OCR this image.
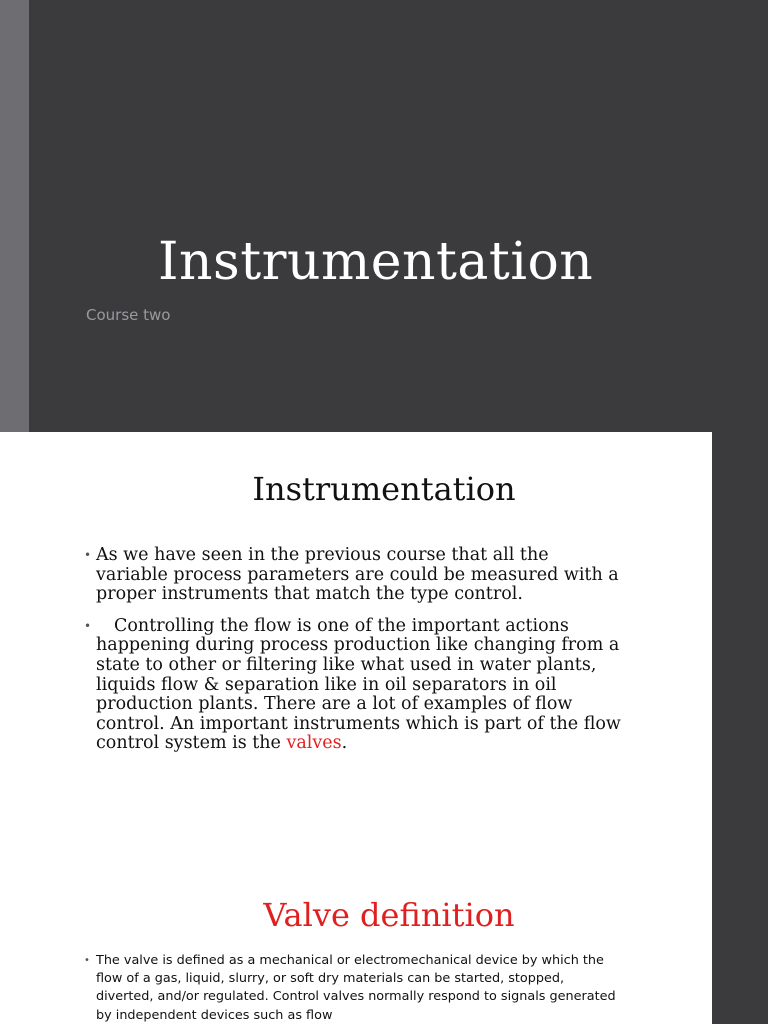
Instrumentation
Course two
Instrumentation
• As we have seen in the previous course that all the variable process parameters are could be measured with a proper instruments that match the type control.
• Controlling the flow is one of the important actions happening during process production like changing from a state to other or filtering like what used in water plants, liquids flow & separation like in oil separators in oil production plants. There are a lot of examples of flow control. An important instruments which is part of the flow control system is the valves.
Valve definition
• The valve is defined as a mechanical or electromechanical device by which the flow of a gas, liquid, slurry, or soft dry materials can be started, stopped, diverted, and/or regulated. Control valves normally respond to signals generated by independent devices such as flow
